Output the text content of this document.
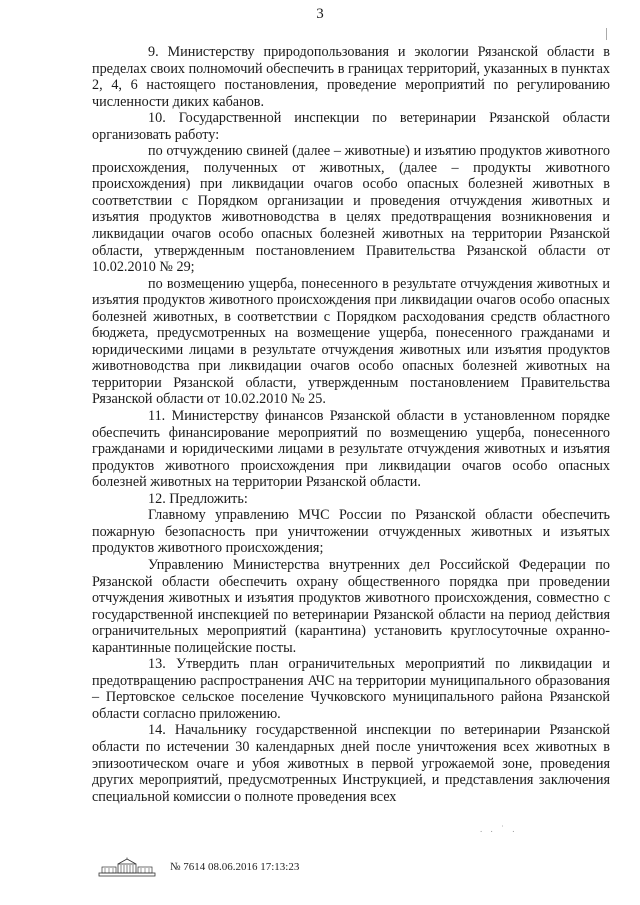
3

9. Министерству природопользования и экологии Рязанской области в пределах своих полномочий обеспечить в границах территорий, указанных в пунктах 2, 4, 6 настоящего постановления, проведение мероприятий по регулированию численности диких кабанов.

10. Государственной инспекции по ветеринарии Рязанской области организовать работу:

по отчуждению свиней (далее – животные) и изъятию продуктов животного происхождения, полученных от животных, (далее – продукты животного происхождения) при ликвидации очагов особо опасных болезней животных в соответствии с Порядком организации и проведения отчуждения животных и изъятия продуктов животноводства в целях предотвращения возникновения и ликвидации очагов особо опасных болезней животных на территории Рязанской области, утвержденным постановлением Правительства Рязанской области от 10.02.2010 № 29;

по возмещению ущерба, понесенного в результате отчуждения животных и изъятия продуктов животного происхождения при ликвидации очагов особо опасных болезней животных, в соответствии с Порядком расходования средств областного бюджета, предусмотренных на возмещение ущерба, понесенного гражданами и юридическими лицами в результате отчуждения животных или изъятия продуктов животноводства при ликвидации очагов особо опасных болезней животных на территории Рязанской области, утвержденным постановлением Правительства Рязанской области от 10.02.2010 № 25.

11. Министерству финансов Рязанской области в установленном порядке обеспечить финансирование мероприятий по возмещению ущерба, понесенного гражданами и юридическими лицами в результате отчуждения животных и изъятия продуктов животного происхождения при ликвидации очагов особо опасных болезней животных на территории Рязанской области.

12. Предложить:

Главному управлению МЧС России по Рязанской области обеспечить пожарную безопасность при уничтожении отчужденных животных и изъятых продуктов животного происхождения;

Управлению Министерства внутренних дел Российской Федерации по Рязанской области обеспечить охрану общественного порядка при проведении отчуждения животных и изъятия продуктов животного происхождения, совместно с государственной инспекцией по ветеринарии Рязанской области на период действия ограничительных мероприятий (карантина) установить круглосуточные охранно-карантинные полицейские посты.

13. Утвердить план ограничительных мероприятий по ликвидации и предотвращению распространения АЧС на территории муниципального образования – Пертовское сельское поселение Чучковского муниципального района Рязанской области согласно приложению.

14. Начальнику государственной инспекции по ветеринарии Рязанской области по истечении 30 календарных дней после уничтожения всех животных в эпизоотическом очаге и убоя животных в первой угрожаемой зоне, проведения других мероприятий, предусмотренных Инструкцией, и представления заключения специальной комиссии о полноте проведения всех

. . ˙ .
№ 7614 08.06.2016 17:13:23
